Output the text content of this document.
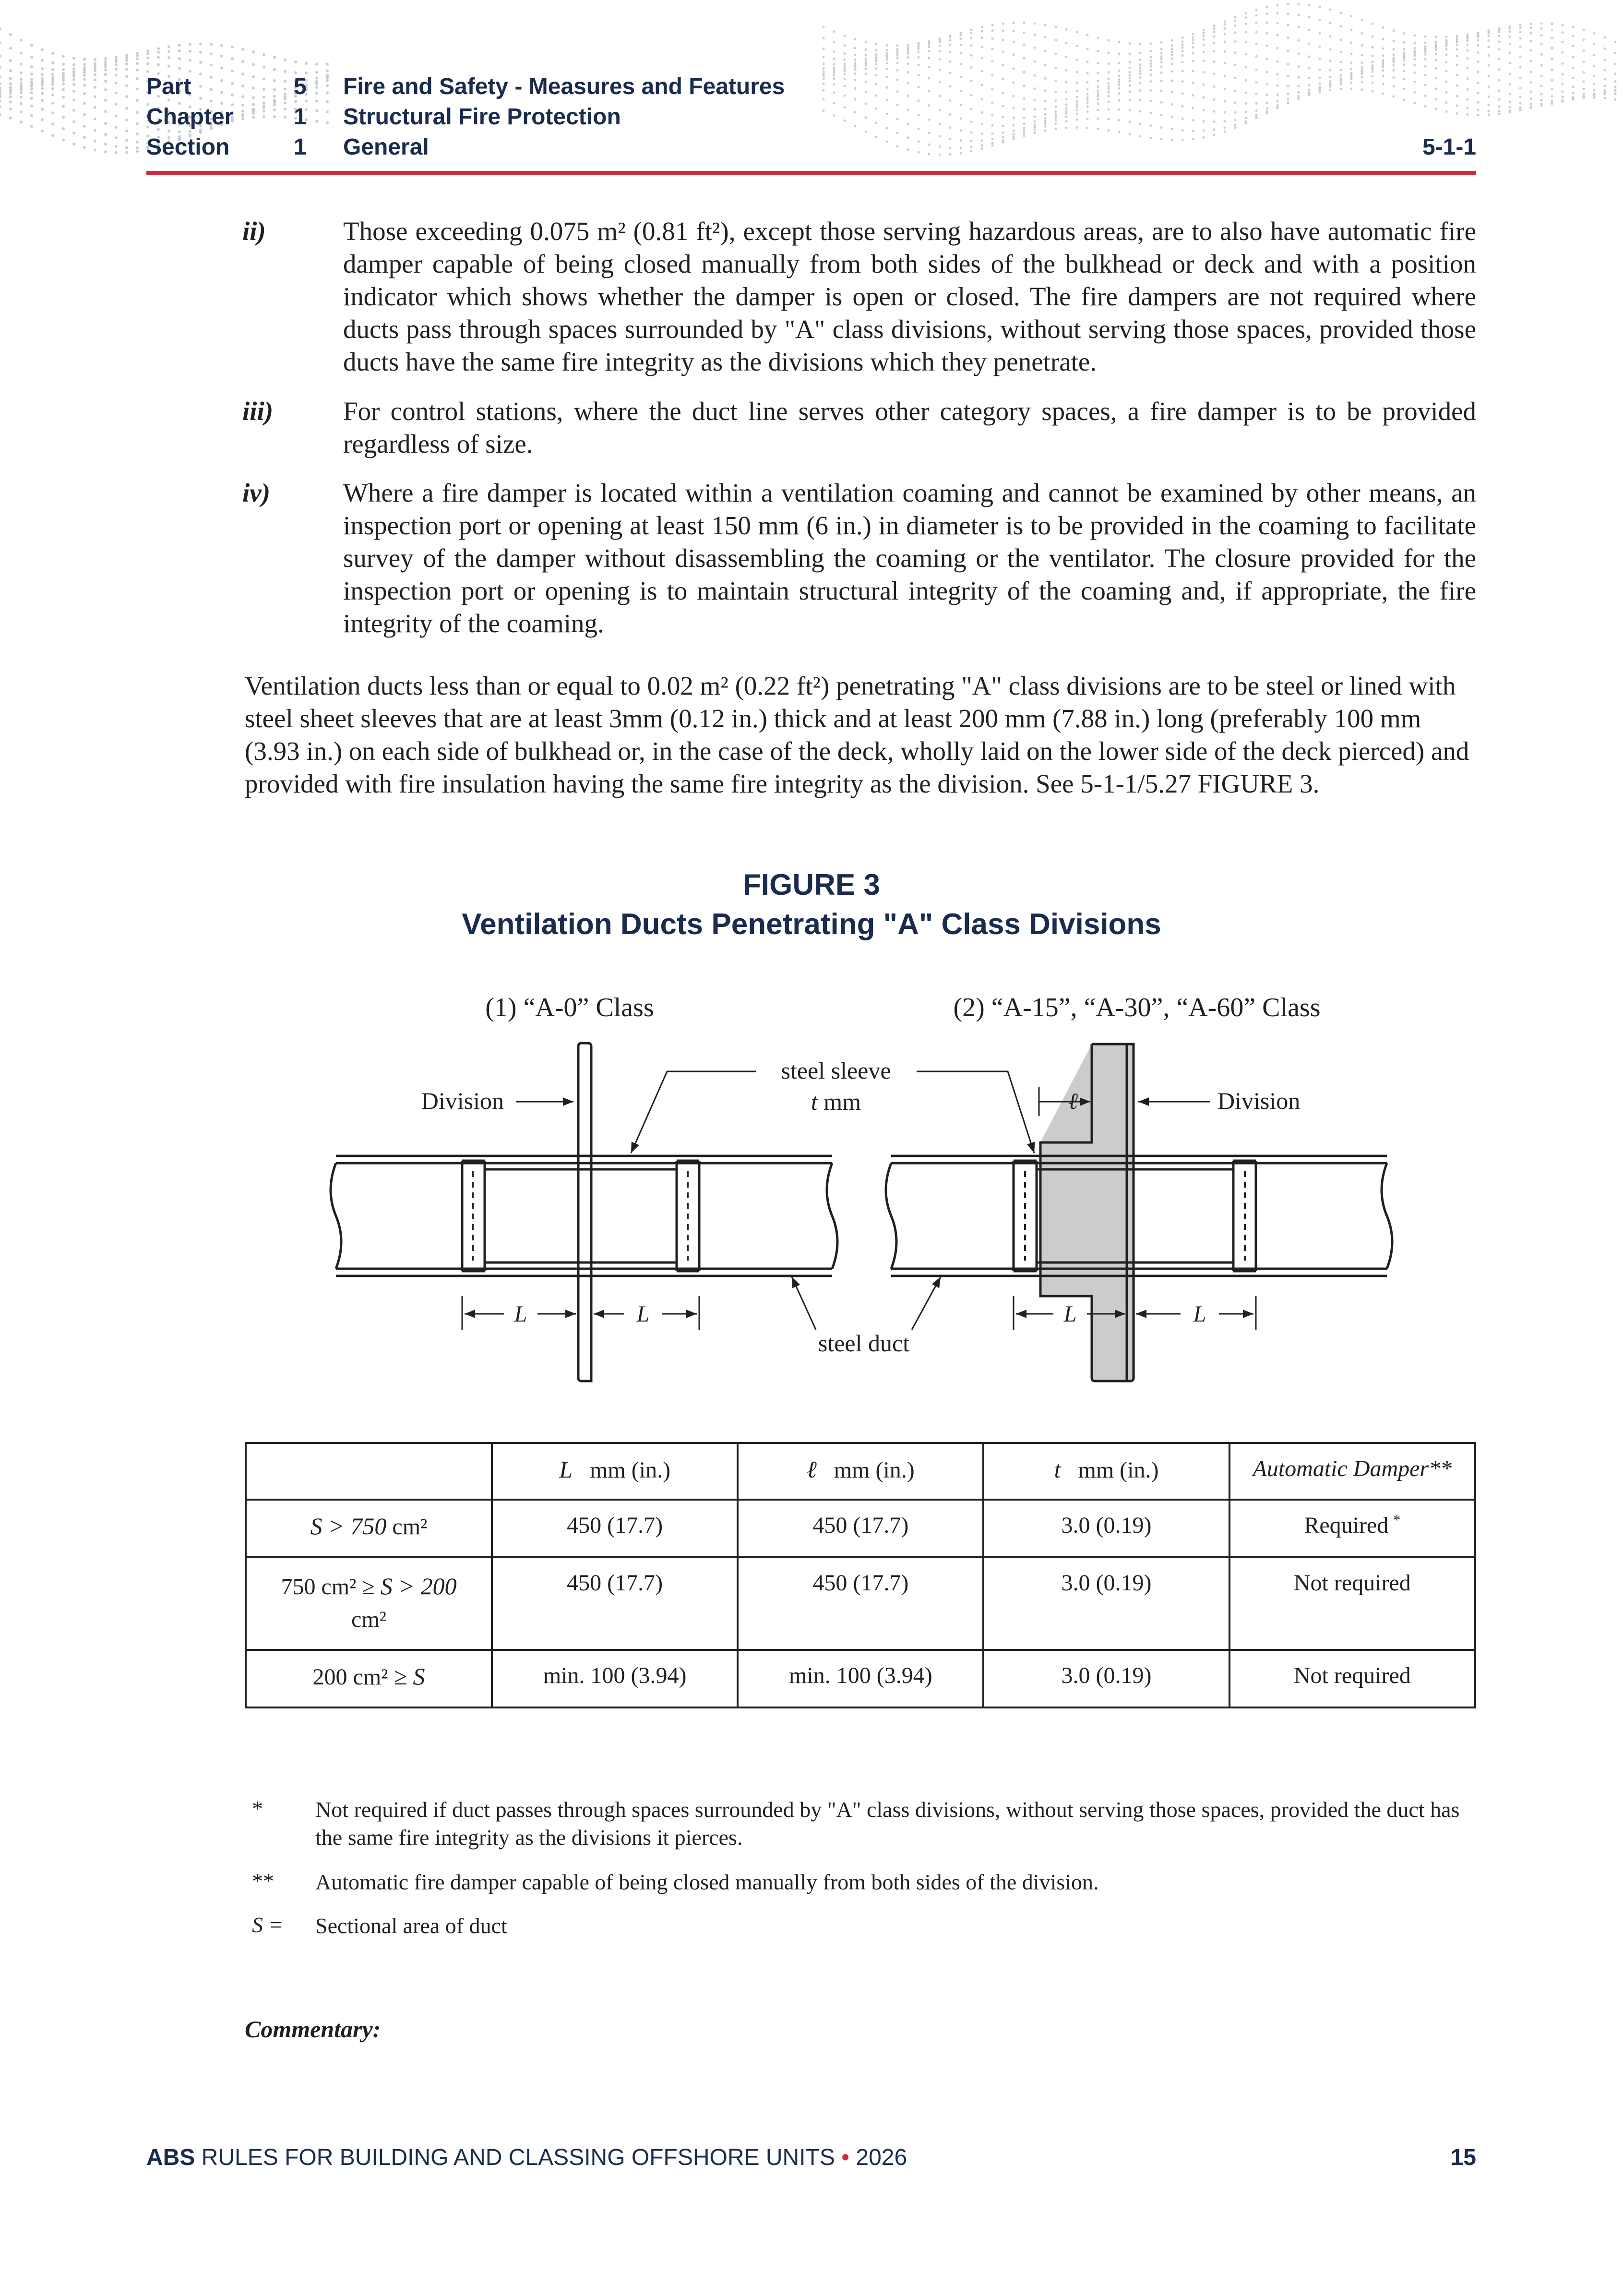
Part	5 Fire and Safety - Measures and Features
Chapter	1 Structural Fire Protection
Section	1 General	5-1-1
ii)	Those exceeding 0.075 m² (0.81 ft²), except those serving hazardous areas, are to also have automatic fire damper capable of being closed manually from both sides of the bulkhead or deck and with a position indicator which shows whether the damper is open or closed. The fire dampers are not required where ducts pass through spaces surrounded by "A" class divisions, without serving those spaces, provided those ducts have the same fire integrity as the divisions which they penetrate.
iii)	For control stations, where the duct line serves other category spaces, a fire damper is to be provided regardless of size.
iv)	Where a fire damper is located within a ventilation coaming and cannot be examined by other means, an inspection port or opening at least 150 mm (6 in.) in diameter is to be provided in the coaming to facilitate survey of the damper without disassembling the coaming or the ventilator. The closure provided for the inspection port or opening is to maintain structural integrity of the coaming and, if appropriate, the fire integrity of the coaming.
Ventilation ducts less than or equal to 0.02 m² (0.22 ft²) penetrating "A" class divisions are to be steel or lined with steel sheet sleeves that are at least 3mm (0.12 in.) thick and at least 200 mm (7.88 in.) long (preferably 100 mm (3.93 in.) on each side of bulkhead or, in the case of the deck, wholly laid on the lower side of the deck pierced) and provided with fire insulation having the same fire integrity as the division. See 5-1-1/5.27 FIGURE 3.
FIGURE 3
Ventilation Ducts Penetrating "A" Class Divisions
(1) “A-0” Class	(2) “A-15”, “A-30”, “A-60” Class
Division
steel sleeve
t mm	Division
ℓ
steel duct
L	L	L	L
	L mm (in.)	ℓ mm (in.)	t mm (in.)	Automatic Damper**
S > 750 cm²	450 (17.7)	450 (17.7)	3.0 (0.19)	Required *
750 cm² ≥ S > 200
cm²	450 (17.7)	450 (17.7)	3.0 (0.19)	Not required
200 cm² ≥ S	min. 100 (3.94)	min. 100 (3.94)	3.0 (0.19)	Not required
* Not required if duct passes through spaces surrounded by "A" class divisions, without serving those spaces, provided the duct has the same fire integrity as the divisions it pierces.
** Automatic fire damper capable of being closed manually from both sides of the division.
S = Sectional area of duct
Commentary:
ABS RULES FOR BUILDING AND CLASSING OFFSHORE UNITS • 2026	15
